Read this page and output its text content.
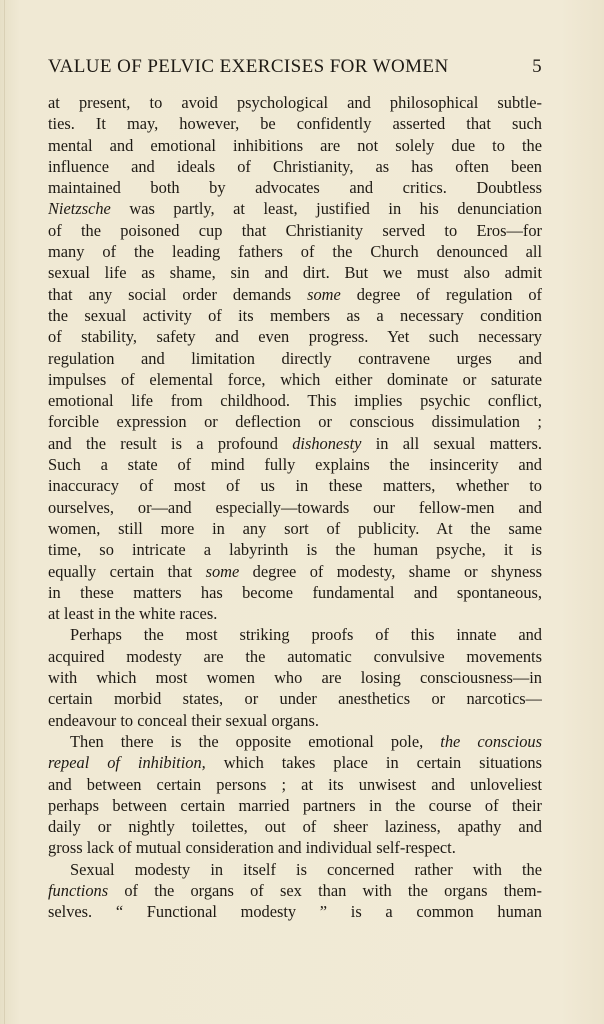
VALUE OF PELVIC EXERCISES FOR WOMEN	5
at present, to avoid psychological and philosophical subtle-
ties. It may, however, be confidently asserted that such
mental and emotional inhibitions are not solely due to the
influence and ideals of Christianity, as has often been
maintained both by advocates and critics. Doubtless
Nietzsche was partly, at least, justified in his denunciation
of the poisoned cup that Christianity served to Eros—for
many of the leading fathers of the Church denounced all
sexual life as shame, sin and dirt. But we must also admit
that any social order demands some degree of regulation of
the sexual activity of its members as a necessary condition
of stability, safety and even progress. Yet such necessary
regulation and limitation directly contravene urges and
impulses of elemental force, which either dominate or saturate
emotional life from childhood. This implies psychic conflict,
forcible expression or deflection or conscious dissimulation ;
and the result is a profound dishonesty in all sexual matters.
Such a state of mind fully explains the insincerity and
inaccuracy of most of us in these matters, whether to
ourselves, or—and especially—towards our fellow-men and
women, still more in any sort of publicity. At the same
time, so intricate a labyrinth is the human psyche, it is
equally certain that some degree of modesty, shame or shyness
in these matters has become fundamental and spontaneous,
at least in the white races.
Perhaps the most striking proofs of this innate and
acquired modesty are the automatic convulsive movements
with which most women who are losing consciousness—in
certain morbid states, or under anesthetics or narcotics—
endeavour to conceal their sexual organs.
Then there is the opposite emotional pole, the conscious
repeal of inhibition, which takes place in certain situations
and between certain persons ; at its unwisest and unloveliest
perhaps between certain married partners in the course of their
daily or nightly toilettes, out of sheer laziness, apathy and
gross lack of mutual consideration and individual self-respect.
Sexual modesty in itself is concerned rather with the
functions of the organs of sex than with the organs them-
selves. “ Functional modesty ” is a common human
